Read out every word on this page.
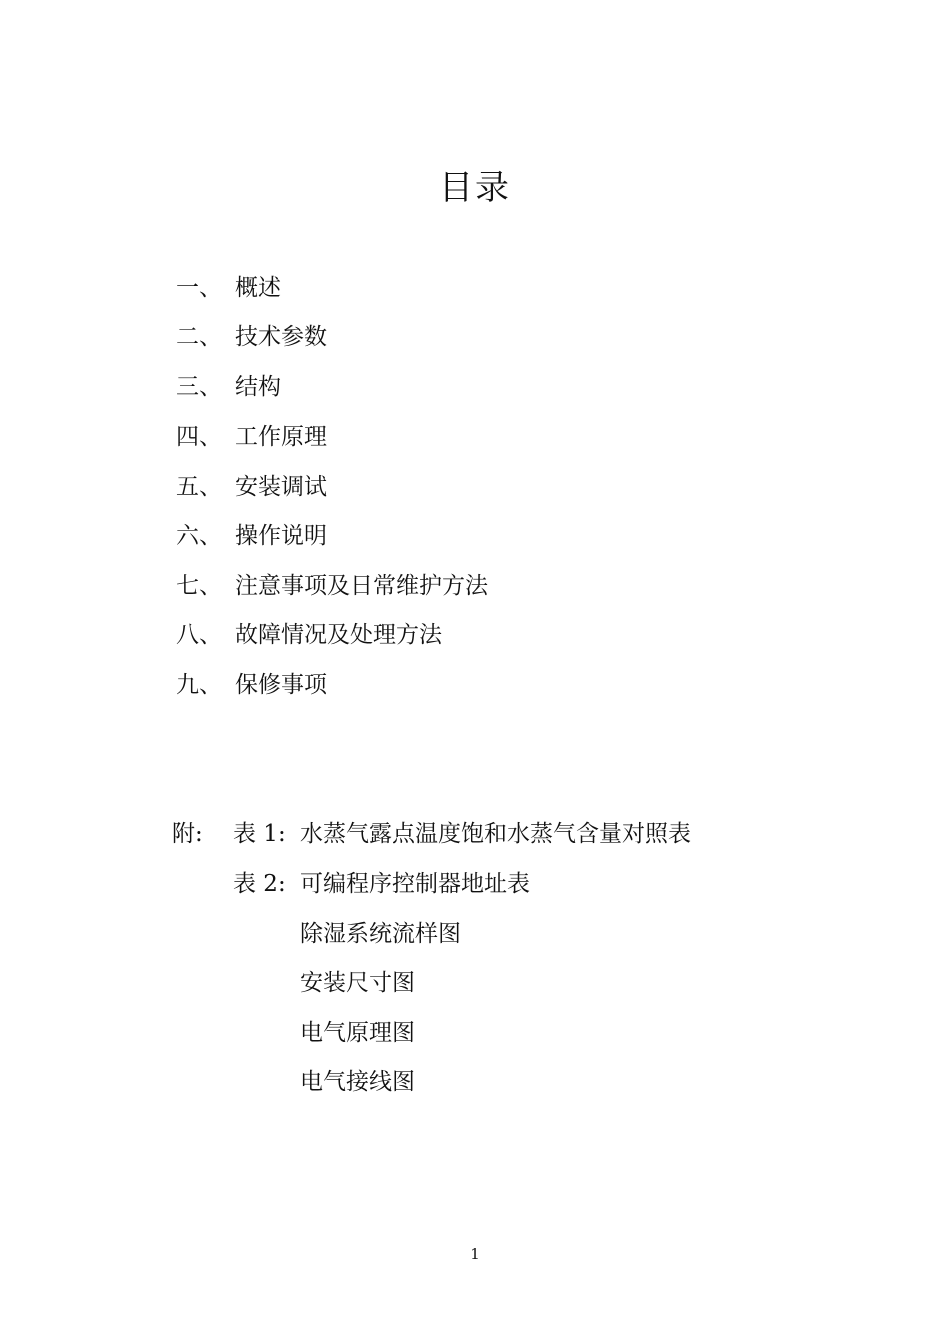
目录
一、 概述
二、 技术参数
三、 结构
四、 工作原理
五、 安装调试
六、 操作说明
七、 注意事项及日常维护方法
八、 故障情况及处理方法
九、 保修事项
附: 表 1: 水蒸气露点温度饱和水蒸气含量对照表
表 2: 可编程序控制器地址表
除湿系统流样图
安装尺寸图
电气原理图
电气接线图
1
